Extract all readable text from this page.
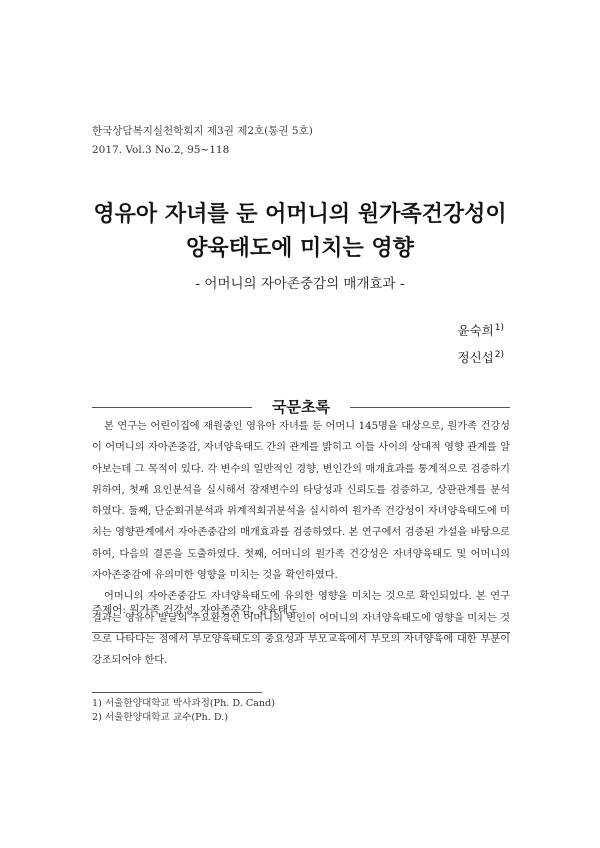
한국상담복지실천학회지 제3권 제2호(통권 5호)
2017. Vol.3 No.2, 95∼118
영유아 자녀를 둔 어머니의 원가족건강성이
양육태도에 미치는 영향
- 어머니의 자아존중감의 매개효과 -
윤숙희$^{1)}$
정신섭$^{2)}$
국문초록

본 연구는 어린이집에 재원중인 영유아 자녀를 둔 어머니 145명을 대상으로, 원가족 건강성이 어머니의 자아존중감, 자녀양육태도 간의 관계를 밝히고 이들 사이의 상대적 영향 관계를 알아보는데 그 목적이 있다. 각 변수의 일반적인 경향, 변인간의 매개효과를 통계적으로 검증하기 위하여, 첫째 요인분석을 실시해서 잠재변수의 타당성과 신뢰도를 검증하고, 상관관계를 분석하였다. 둘째, 단순회귀분석과 위계적회귀분석을 실시하여 원가족 건강성이 자녀양육태도에 미치는 영향관계에서 자아존중감의 매개효과를 검증하였다. 본 연구에서 검증된 가설을 바탕으로 하여, 다음의 결론을 도출하였다. 첫째, 어머니의 원가족 건강성은 자녀양육태도 및 어머니의 자아존중감에 유의미한 영향을 미치는 것을 확인하였다.

어머니의 자아존중감도 자녀양육태도에 유의한 영향을 미치는 것으로 확인되었다. 본 연구결과는 영유아 발달의 주요환경인 어머니의 변인이 어머니의 자녀양육태도에 영향을 미치는 것으로 나타다는 점에서 부모양육태도의 중요성과 부모교육에서 부모의 자녀양육에 대한 부분이 강조되어야 한다.

주제어: 원가족 건강성, 자아존중감, 양육태도
1) 서울한양대학교 박사과정(Ph. D. Cand)
2) 서울한양대학교 교수(Ph. D.)
